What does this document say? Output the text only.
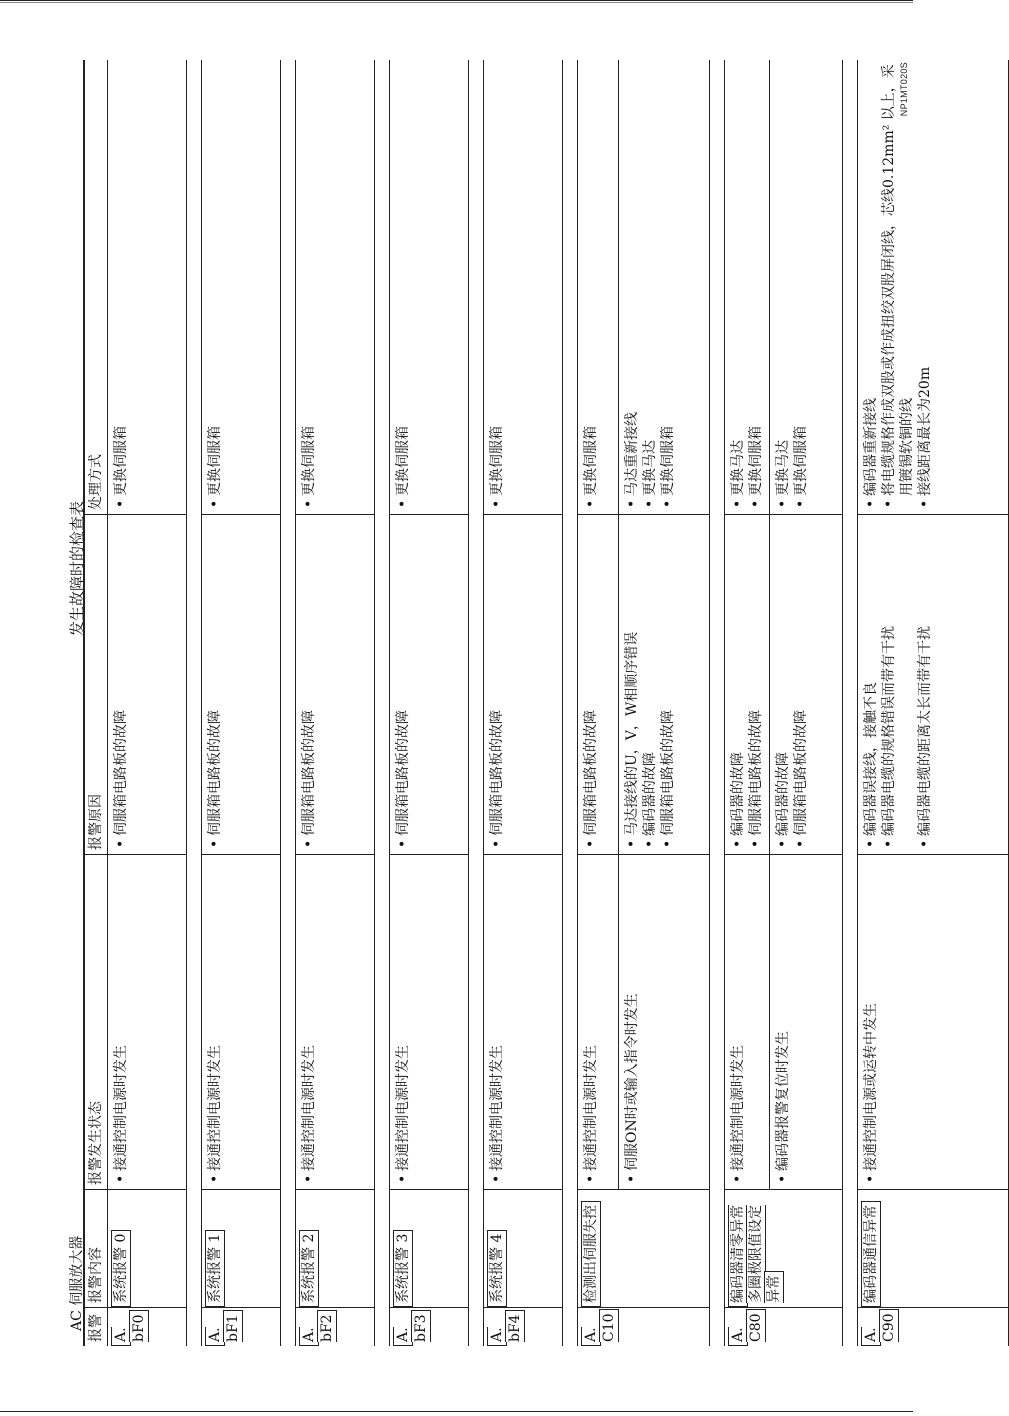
NP1MT020S
AC 伺服放大器
发生故障时的检查表
报警
报警内容
报警发生状态
报警原因
处理方式
A. bF0
系统报警 0
• 接通控制电源时发生
• 伺服箱电路板的故障
• 更换伺服箱
A. bF1
系统报警 1
• 接通控制电源时发生
• 伺服箱电路板的故障
• 更换伺服箱
A. bF2
系统报警 2
• 接通控制电源时发生
• 伺服箱电路板的故障
• 更换伺服箱
A. bF3
系统报警 3
• 接通控制电源时发生
• 伺服箱电路板的故障
• 更换伺服箱
A. bF4
系统报警 4
• 接通控制电源时发生
• 伺服箱电路板的故障
• 更换伺服箱
A. C10
检测出伺服失控
• 接通控制电源时发生
• 伺服箱电路板的故障
• 更换伺服箱
• 伺服ON时或输入指令时发生
• 马达接线的U，V，W相顺序错误 • 编码器的故障 • 伺服箱电路板的故障
• 马达重新接线 • 更换马达 • 更换伺服箱
A. C80
编码器清零异常多圈极限值设定异常
• 接通控制电源时发生
• 编码器的故障 • 伺服箱电路板的故障
• 更换马达 • 更换伺服箱
• 编码器报警复位时发生
• 编码器的故障 • 伺服箱电路板的故障
• 更换马达 • 更换伺服箱
A. C90
编码器通信异常
• 接通控制电源或运转中发生
• 编码器误接线，接触不良 • 编码器电缆的规格错误而带有干扰 • 编码器电缆的距离太长而带有干扰
• 编码器重新接线 • 将电缆规格作成双股或作成扭绞双股屏闭线，芯线0.12mm² 以上，采用镀锡软铜的线 • 接线距离最长为20m
